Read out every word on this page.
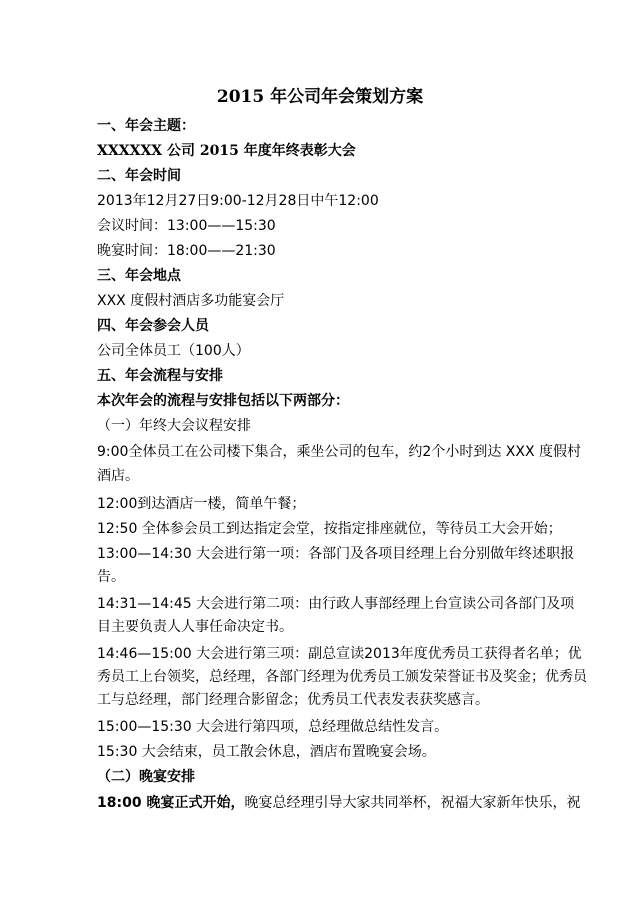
2015 年公司年会策划方案
一、年会主题：
XXXXXX 公司 2015 年度年终表彰大会
二、年会时间
2013年12月27日9:00-12月28日中午12:00
会议时间：13:00——15:30
晚宴时间：18:00——21:30
三、年会地点
XXX 度假村酒店多功能宴会厅
四、年会参会人员
公司全体员工（100人）
五、年会流程与安排
本次年会的流程与安排包括以下两部分：
（一）年终大会议程安排
9:00全体员工在公司楼下集合，乘坐公司的包车，约2个小时到达 XXX 度假村
酒店。
12:00到达酒店一楼，简单午餐；
12:50 全体参会员工到达指定会堂，按指定排座就位，等待员工大会开始；
13:00—14:30 大会进行第一项：各部门及各项目经理上台分别做年终述职报
告。
14:31—14:45 大会进行第二项：由行政人事部经理上台宣读公司各部门及项
目主要负责人人事任命决定书。
14:46—15:00 大会进行第三项：副总宣读2013年度优秀员工获得者名单；优
秀员工上台领奖，总经理，各部门经理为优秀员工颁发荣誉证书及奖金；优秀员
工与总经理，部门经理合影留念；优秀员工代表发表获奖感言。
15:00—15:30 大会进行第四项，总经理做总结性发言。
15:30 大会结束，员工散会休息，酒店布置晚宴会场。
（二）晚宴安排
18:00 晚宴正式开始，晚宴总经理引导大家共同举杯，祝福大家新年快乐，祝
